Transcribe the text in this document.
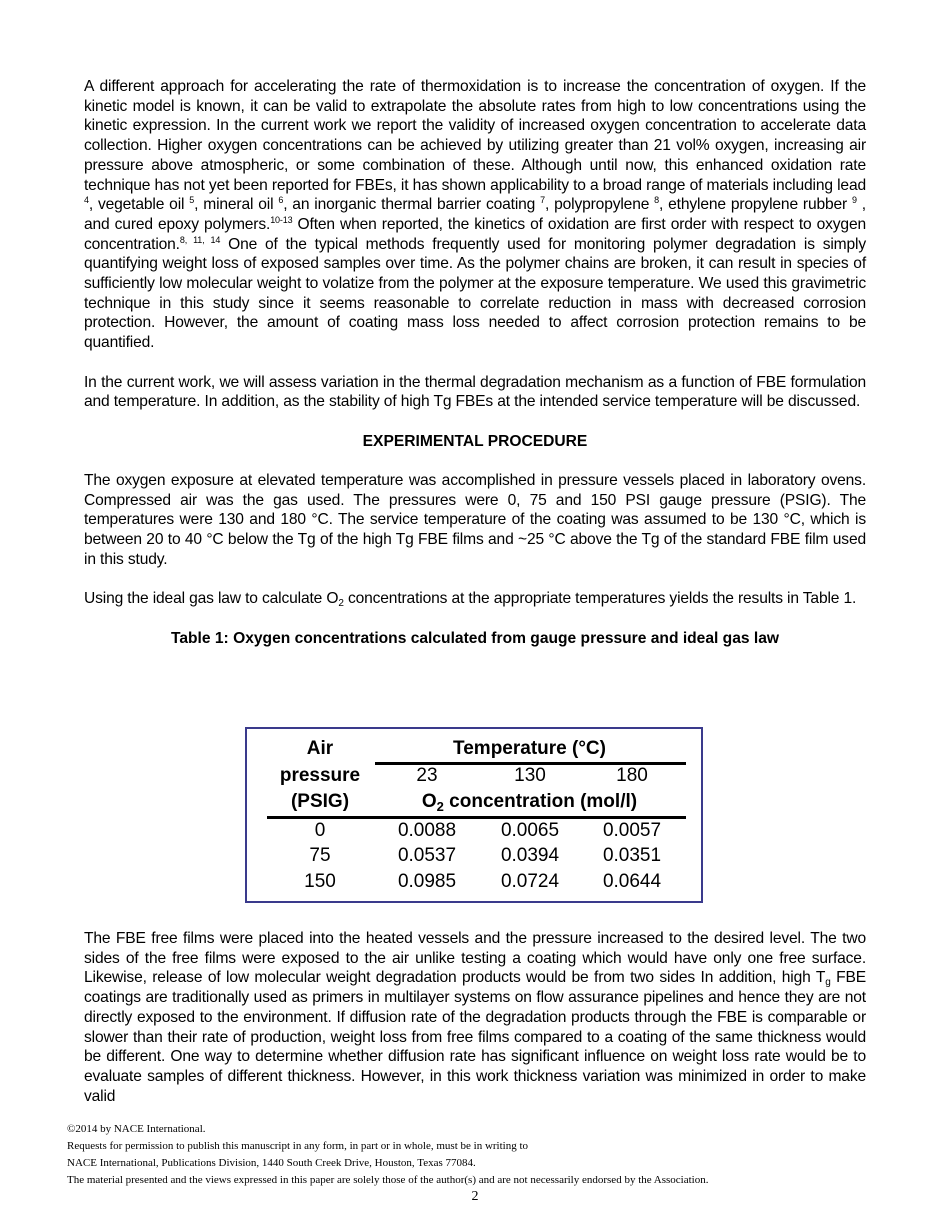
A different approach for accelerating the rate of thermoxidation is to increase the concentration of oxygen. If the kinetic model is known, it can be valid to extrapolate the absolute rates from high to low concentrations using the kinetic expression. In the current work we report the validity of increased oxygen concentration to accelerate data collection. Higher oxygen concentrations can be achieved by utilizing greater than 21 vol% oxygen, increasing air pressure above atmospheric, or some combination of these. Although until now, this enhanced oxidation rate technique has not yet been reported for FBEs, it has shown applicability to a broad range of materials including lead $^4$, vegetable oil $^5$, mineral oil $^6$, an inorganic thermal barrier coating $^7$, polypropylene $^8$, ethylene propylene rubber $^9$ , and cured epoxy polymers.$^{10-13}$ Often when reported, the kinetics of oxidation are first order with respect to oxygen concentration.$^{8, 11, 14}$ One of the typical methods frequently used for monitoring polymer degradation is simply quantifying weight loss of exposed samples over time. As the polymer chains are broken, it can result in species of sufficiently low molecular weight to volatize from the polymer at the exposure temperature. We used this gravimetric technique in this study since it seems reasonable to correlate reduction in mass with decreased corrosion protection. However, the amount of coating mass loss needed to affect corrosion protection remains to be quantified.

In the current work, we will assess variation in the thermal degradation mechanism as a function of FBE formulation and temperature. In addition, as the stability of high Tg FBEs at the intended service temperature will be discussed.

EXPERIMENTAL PROCEDURE

The oxygen exposure at elevated temperature was accomplished in pressure vessels placed in laboratory ovens. Compressed air was the gas used. The pressures were 0, 75 and 150 PSI gauge pressure (PSIG). The temperatures were 130 and 180 °C. The service temperature of the coating was assumed to be 130 °C, which is between 20 to 40 °C below the Tg of the high Tg FBE films and ~25 °C above the Tg of the standard FBE film used in this study.

Using the ideal gas law to calculate $O_2$ concentrations at the appropriate temperatures yields the results in Table 1.

Table 1: Oxygen concentrations calculated from gauge pressure and ideal gas law

Air
pressure
(PSIG)
Temperature (°C)
23	130	180
$O_2$ concentration (mol/l)
0	0.0088	0.0065	0.0057
75	0.0537	0.0394	0.0351
150	0.0985	0.0724	0.0644

The FBE free films were placed into the heated vessels and the pressure increased to the desired level. The two sides of the free films were exposed to the air unlike testing a coating which would have only one free surface. Likewise, release of low molecular weight degradation products would be from two sides In addition, high $T_g$ FBE coatings are traditionally used as primers in multilayer systems on flow assurance pipelines and hence they are not directly exposed to the environment. If diffusion rate of the degradation products through the FBE is comparable or slower than their rate of production, weight loss from free films compared to a coating of the same thickness would be different. One way to determine whether diffusion rate has significant influence on weight loss rate would be to evaluate samples of different thickness. However, in this work thickness variation was minimized in order to make valid

©2014 by NACE International.
Requests for permission to publish this manuscript in any form, in part or in whole, must be in writing to
NACE International, Publications Division, 1440 South Creek Drive, Houston, Texas 77084.
The material presented and the views expressed in this paper are solely those of the author(s) and are not necessarily endorsed by the Association.
2
